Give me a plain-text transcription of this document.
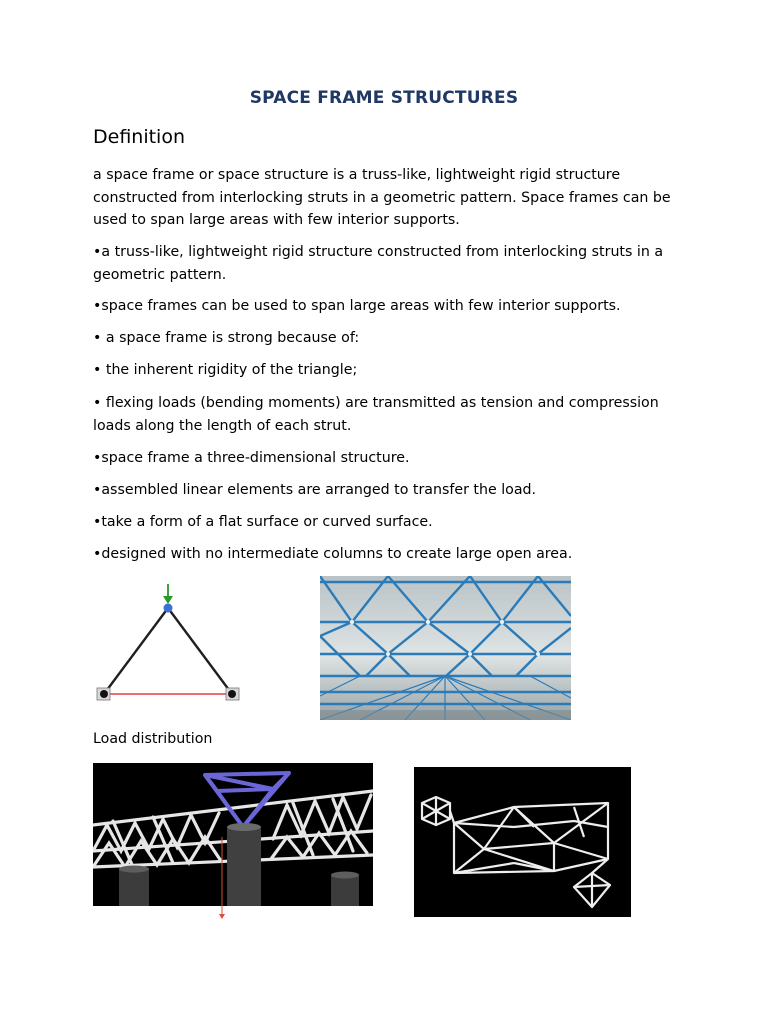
SPACE FRAME STRUCTURES
Definition

a space frame or space structure is a truss-like, lightweight rigid structure constructed from interlocking struts in a geometric pattern. Space frames can be used to span large areas with few interior supports.

•a truss-like, lightweight rigid structure constructed from interlocking struts in a geometric pattern.

•space frames can be used to span large areas with few interior supports.

• a space frame is strong because of:

• the inherent rigidity of the triangle;

• flexing loads (bending moments) are transmitted as tension and compression loads along the length of each strut.

•space frame a three-dimensional structure.

•assembled linear elements are arranged to transfer the load.

•take a form of a flat surface or curved surface.

•designed with no intermediate columns to create large open area.

Load distribution
